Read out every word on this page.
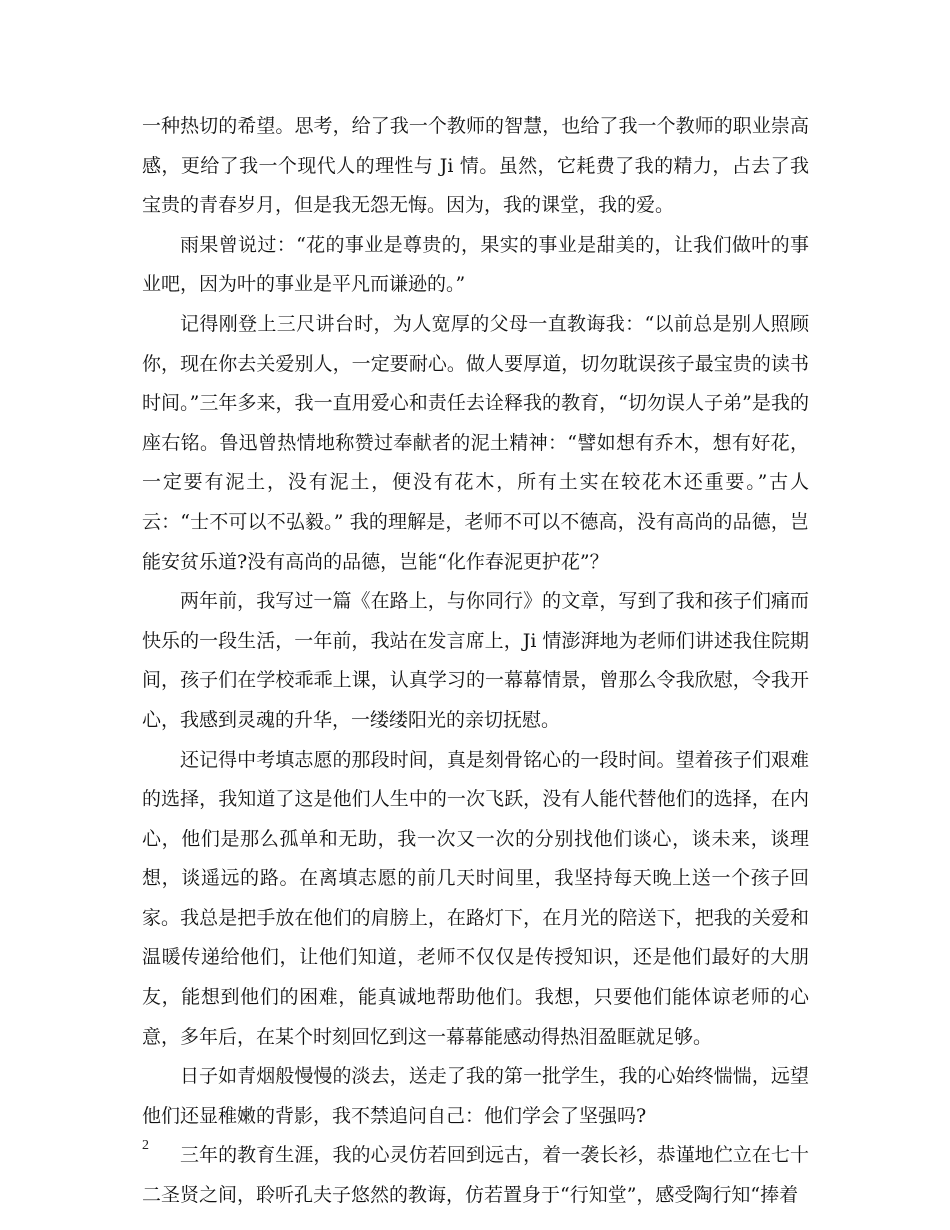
一种热切的希望。思考，给了我一个教师的智慧，也给了我一个教师的职业崇高感，更给了我一个现代人的理性与 Ji 情。虽然，它耗费了我的精力，占去了我宝贵的青春岁月，但是我无怨无悔。因为，我的课堂，我的爱。

雨果曾说过：“花的事业是尊贵的，果实的事业是甜美的，让我们做叶的事业吧，因为叶的事业是平凡而谦逊的。”

记得刚登上三尺讲台时，为人宽厚的父母一直教诲我：“以前总是别人照顾你，现在你去关爱别人，一定要耐心。做人要厚道，切勿耽误孩子最宝贵的读书时间。”三年多来，我一直用爱心和责任去诠释我的教育，“切勿误人子弟”是我的座右铭。鲁迅曾热情地称赞过奉献者的泥土精神：“譬如想有乔木，想有好花，一定要有泥土，没有泥土，便没有花木，所有土实在较花木还重要。”古人云：“士不可以不弘毅。” 我的理解是，老师不可以不德高，没有高尚的品德，岂能安贫乐道?没有高尚的品德，岂能“化作春泥更护花”？

两年前，我写过一篇《在路上，与你同行》的文章，写到了我和孩子们痛而快乐的一段生活，一年前，我站在发言席上，Ji 情澎湃地为老师们讲述我住院期间，孩子们在学校乖乖上课，认真学习的一幕幕情景，曾那么令我欣慰，令我开心，我感到灵魂的升华，一缕缕阳光的亲切抚慰。

还记得中考填志愿的那段时间，真是刻骨铭心的一段时间。望着孩子们艰难的选择，我知道了这是他们人生中的一次飞跃，没有人能代替他们的选择，在内心，他们是那么孤单和无助，我一次又一次的分别找他们谈心，谈未来，谈理想，谈遥远的路。在离填志愿的前几天时间里，我坚持每天晚上送一个孩子回家。我总是把手放在他们的肩膀上，在路灯下，在月光的陪送下，把我的关爱和温暖传递给他们，让他们知道，老师不仅仅是传授知识，还是他们最好的大朋友，能想到他们的困难，能真诚地帮助他们。我想，只要他们能体谅老师的心意，多年后，在某个时刻回忆到这一幕幕能感动得热泪盈眶就足够。

日子如青烟般慢慢的淡去，送走了我的第一批学生，我的心始终惴惴，远望他们还显稚嫩的背影，我不禁追问自己：他们学会了坚强吗?

三年的教育生涯，我的心灵仿若回到远古，着一袭长衫，恭谨地伫立在七十二圣贤之间，聆听孔夫子悠然的教诲，仿若置身于“行知堂”，感受陶行知“捧着

2
